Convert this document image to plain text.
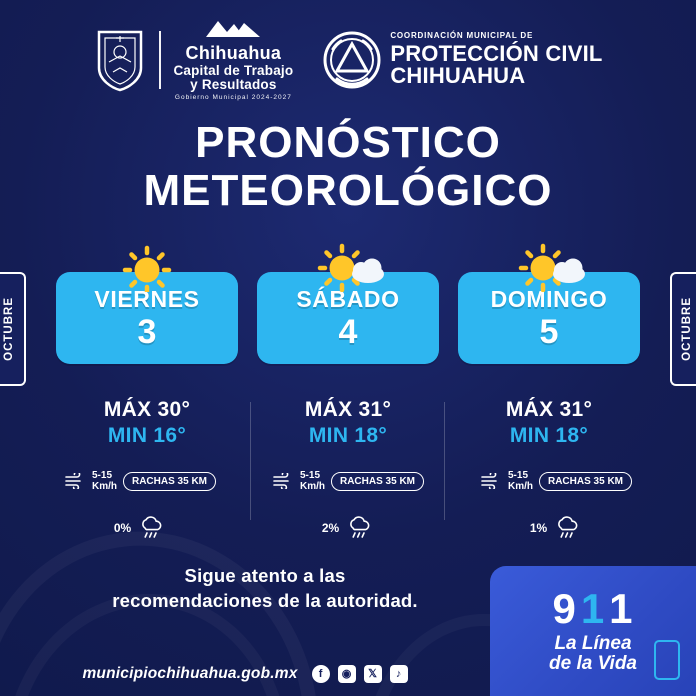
Chihuahua
Capital de Trabajo
y Resultados
Gobierno Municipal 2024-2027
COORDINACIÓN MUNICIPAL DE
PROTECCIÓN CIVIL
CHIHUAHUA
PRONÓSTICO
METEOROLÓGICO
OCTUBRE	OCTUBRE
VIERNES
3
SÁBADO
4
DOMINGO
5
MÁX 30°
MIN 16°
MÁX 31°
MIN 18°
MÁX 31°
MIN 18°
5-15
Km/h	RACHAS 35 KM	5-15
Km/h	RACHAS 35 KM	5-15
Km/h	RACHAS 35 KM
0%	2%	1%
Sigue atento a las
recomendaciones de la autoridad.	9 1 1
La Línea
de la Vida
municipiochihuahua.gob.mx	f	◉	𝕏	♪
